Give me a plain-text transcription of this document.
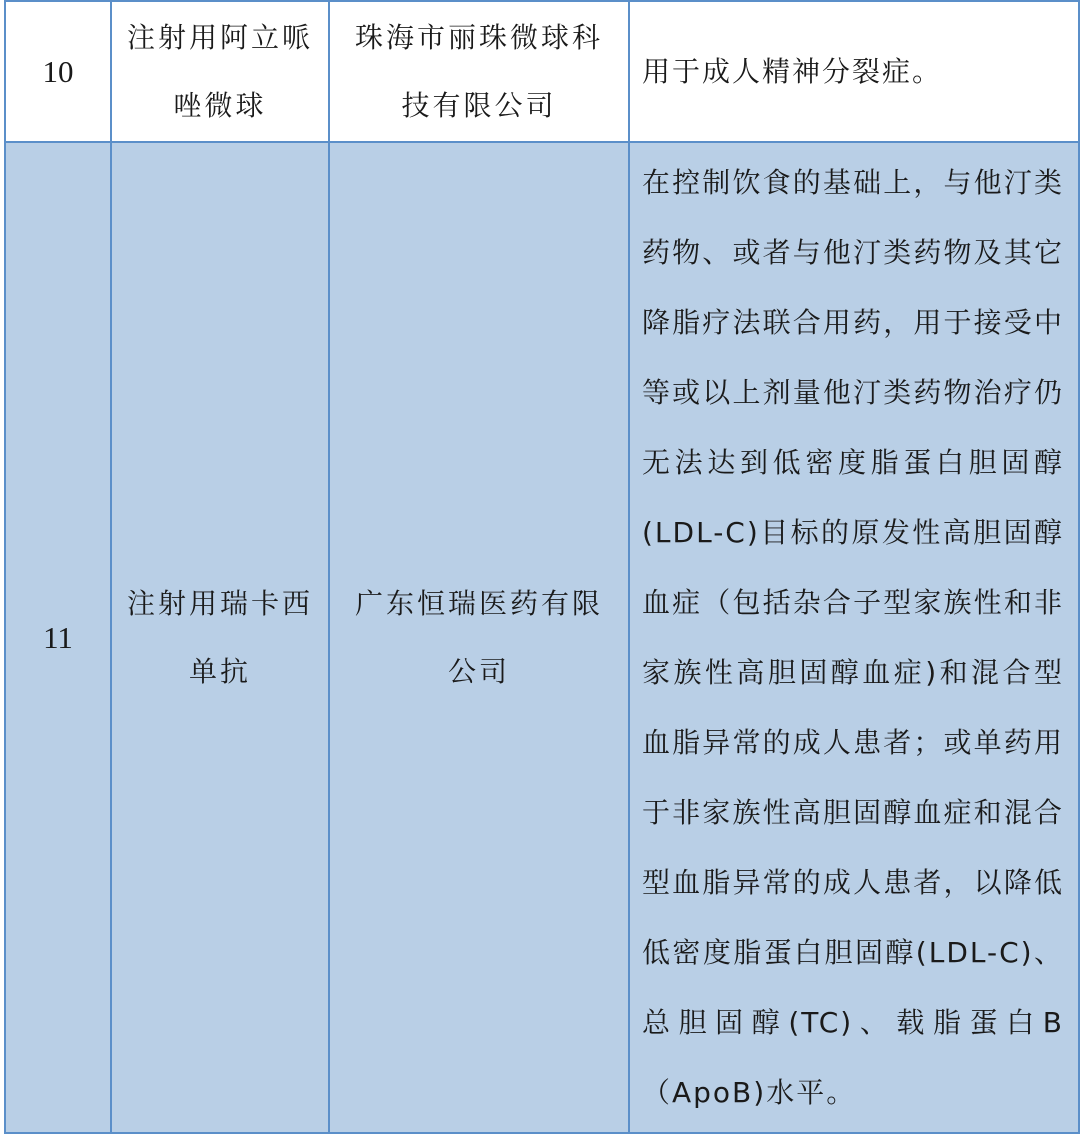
10	注射用阿立哌唑微球	珠海市丽珠微球科技有限公司	用于成人精神分裂症。
11	注射用瑞卡西单抗	广东恒瑞医药有限公司	在控制饮食的基础上，与他汀类药物、或者与他汀类药物及其它降脂疗法联合用药，用于接受中等或以上剂量他汀类药物治疗仍无法达到低密度脂蛋白胆固醇(LDL-C)目标的原发性高胆固醇血症（包括杂合子型家族性和非家族性高胆固醇血症)和混合型血脂异常的成人患者；或单药用于非家族性高胆固醇血症和混合型血脂异常的成人患者，以降低低密度脂蛋白胆固醇(LDL-C)、总胆固醇(TC)、载脂蛋白B（ApoB)水平。
